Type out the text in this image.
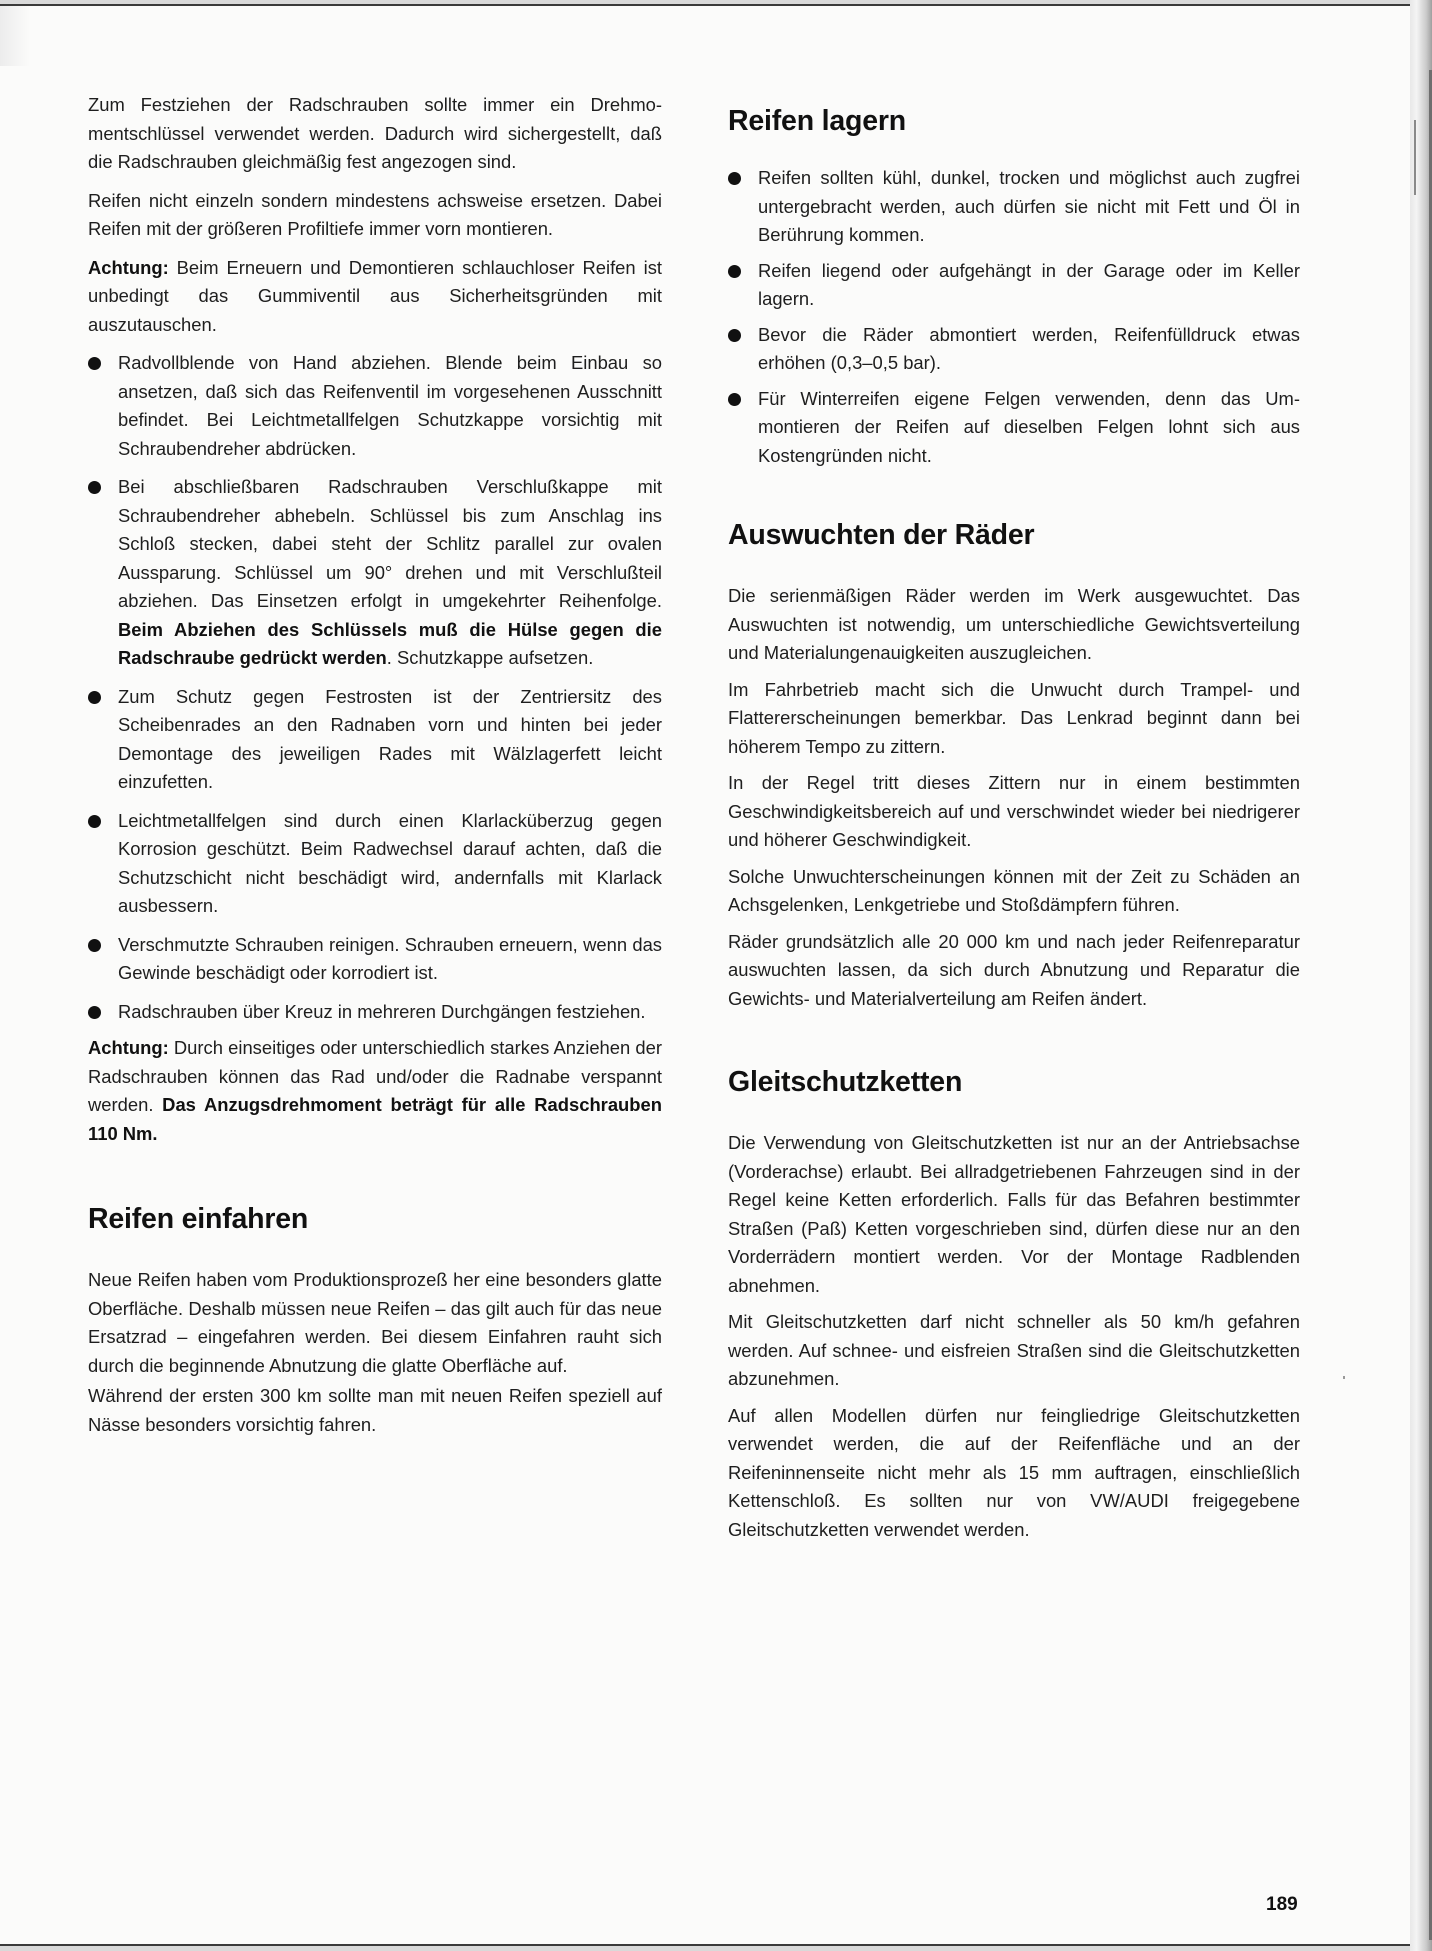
Zum Festziehen der Radschrauben sollte immer ein Drehmomentschlüssel verwendet werden. Dadurch wird sichergestellt, daß die Radschrauben gleichmäßig fest angezogen sind.

Reifen nicht einzeln sondern mindestens achsweise ersetzen. Dabei Reifen mit der größeren Profiltiefe immer vorn montieren.

Achtung: Beim Erneuern und Demontieren schlauchloser Reifen ist unbedingt das Gummiventil aus Sicherheitsgründen mit auszutauschen.

Radvollblende von Hand abziehen. Blende beim Einbau so ansetzen, daß sich das Reifenventil im vorgesehenen Ausschnitt befindet. Bei Leichtmetallfelgen Schutzkappe vorsichtig mit Schraubendreher abdrücken.
Bei abschließbaren Radschrauben Verschlußkappe mit Schraubendreher abhebeln. Schlüssel bis zum Anschlag ins Schloß stecken, dabei steht der Schlitz parallel zur ovalen Aussparung. Schlüssel um 90° drehen und mit Verschlußteil abziehen. Das Einsetzen erfolgt in umgekehrter Reihenfolge. Beim Abziehen des Schlüssels muß die Hülse gegen die Radschraube gedrückt werden. Schutzkappe aufsetzen.
Zum Schutz gegen Festrosten ist der Zentriersitz des Scheibenrades an den Radnaben vorn und hinten bei jeder Demontage des jeweiligen Rades mit Wälzlagerfett leicht einzufetten.
Leichtmetallfelgen sind durch einen Klarlacküberzug gegen Korrosion geschützt. Beim Radwechsel darauf achten, daß die Schutzschicht nicht beschädigt wird, andernfalls mit Klarlack ausbessern.
Verschmutzte Schrauben reinigen. Schrauben erneuern, wenn das Gewinde beschädigt oder korrodiert ist.
Radschrauben über Kreuz in mehreren Durchgängen festziehen.

Achtung: Durch einseitiges oder unterschiedlich starkes Anziehen der Radschrauben können das Rad und/oder die Radnabe verspannt werden. Das Anzugsdrehmoment beträgt für alle Radschrauben 110 Nm.

Reifen einfahren

Neue Reifen haben vom Produktionsprozeß her eine besonders glatte Oberfläche. Deshalb müssen neue Reifen – das gilt auch für das neue Ersatzrad – eingefahren werden. Bei diesem Einfahren rauht sich durch die beginnende Abnutzung die glatte Oberfläche auf.

Während der ersten 300 km sollte man mit neuen Reifen speziell auf Nässe besonders vorsichtig fahren.

Reifen lagern
Reifen sollten kühl, dunkel, trocken und möglichst auch zugfrei untergebracht werden, auch dürfen sie nicht mit Fett und Öl in Berührung kommen.
Reifen liegend oder aufgehängt in der Garage oder im Keller lagern.
Bevor die Räder abmontiert werden, Reifenfülldruck etwas erhöhen (0,3–0,5 bar).
Für Winterreifen eigene Felgen verwenden, denn das Ummontieren der Reifen auf dieselben Felgen lohnt sich aus Kostengründen nicht.
Auswuchten der Räder

Die serienmäßigen Räder werden im Werk ausgewuchtet. Das Auswuchten ist notwendig, um unterschiedliche Gewichtsverteilung und Materialungenauigkeiten auszugleichen.

Im Fahrbetrieb macht sich die Unwucht durch Trampel- und Flattererscheinungen bemerkbar. Das Lenkrad beginnt dann bei höherem Tempo zu zittern.

In der Regel tritt dieses Zittern nur in einem bestimmten Geschwindigkeitsbereich auf und verschwindet wieder bei niedrigerer und höherer Geschwindigkeit.

Solche Unwuchterscheinungen können mit der Zeit zu Schäden an Achsgelenken, Lenkgetriebe und Stoßdämpfern führen.

Räder grundsätzlich alle 20 000 km und nach jeder Reifenreparatur auswuchten lassen, da sich durch Abnutzung und Reparatur die Gewichts- und Materialverteilung am Reifen ändert.

Gleitschutzketten

Die Verwendung von Gleitschutzketten ist nur an der Antriebsachse (Vorderachse) erlaubt. Bei allradgetriebenen Fahrzeugen sind in der Regel keine Ketten erforderlich. Falls für das Befahren bestimmter Straßen (Paß) Ketten vorgeschrieben sind, dürfen diese nur an den Vorderrädern montiert werden. Vor der Montage Radblenden abnehmen.

Mit Gleitschutzketten darf nicht schneller als 50 km/h gefahren werden. Auf schnee- und eisfreien Straßen sind die Gleitschutzketten abzunehmen.

Auf allen Modellen dürfen nur feingliedrige Gleitschutzketten verwendet werden, die auf der Reifenfläche und an der Reifeninnenseite nicht mehr als 15 mm auftragen, einschließlich Kettenschloß. Es sollten nur von VW/AUDI freigegebene Gleitschutzketten verwendet werden.

189
